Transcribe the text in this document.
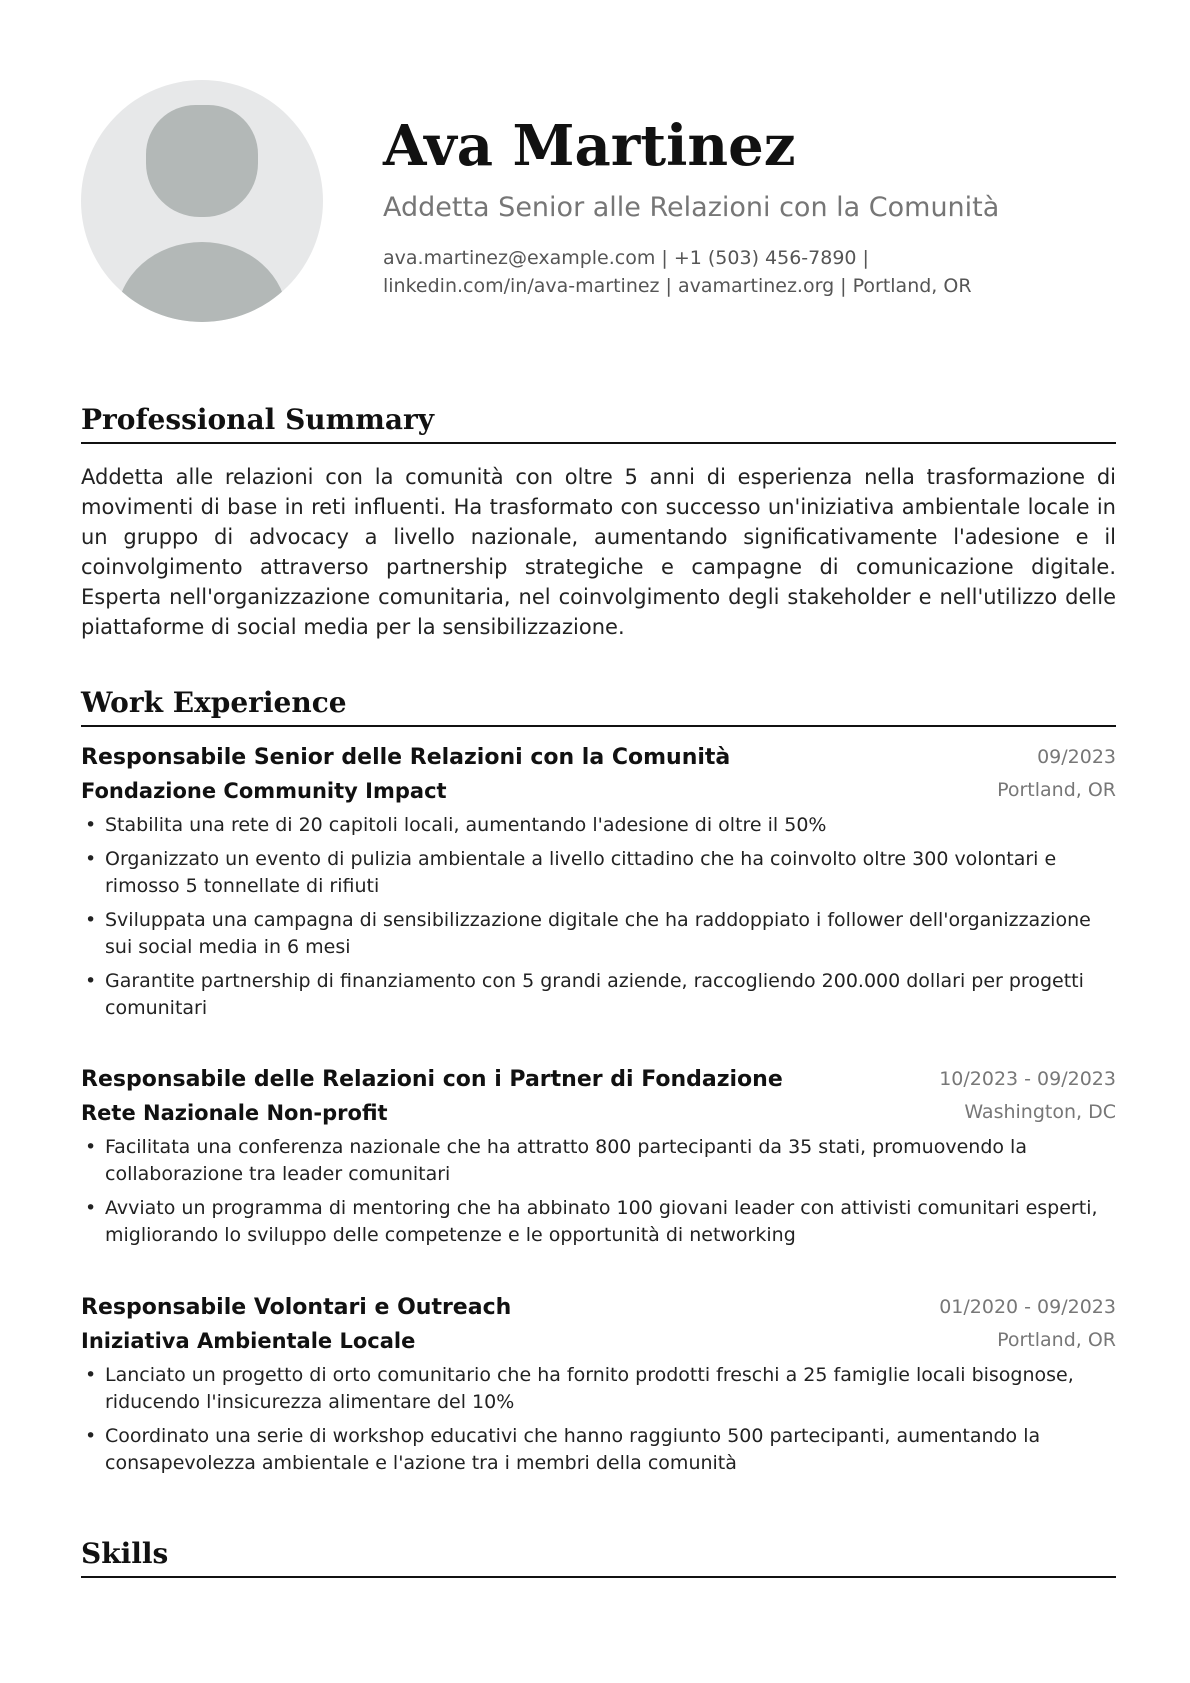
Ava Martinez
Addetta Senior alle Relazioni con la Comunità
ava.martinez@example.com | +1 (503) 456-7890 |
linkedin.com/in/ava-martinez | avamartinez.org | Portland, OR
Professional Summary

Addetta alle relazioni con la comunità con oltre 5 anni di esperienza nella trasformazione di movimenti di base in reti influenti. Ha trasformato con successo un'iniziativa ambientale locale in un gruppo di advocacy a livello nazionale, aumentando significativamente l'adesione e il coinvolgimento attraverso partnership strategiche e campagne di comunicazione digitale. Esperta nell'organizzazione comunitaria, nel coinvolgimento degli stakeholder e nell'utilizzo delle piattaforme di social media per la sensibilizzazione.

Work Experience
Responsabile Senior delle Relazioni con la Comunità	09/2023
Fondazione Community Impact	Portland, OR
• Stabilita una rete di 20 capitoli locali, aumentando l'adesione di oltre il 50%
• Organizzato un evento di pulizia ambientale a livello cittadino che ha coinvolto oltre 300 volontari e rimosso 5 tonnellate di rifiuti
• Sviluppata una campagna di sensibilizzazione digitale che ha raddoppiato i follower dell'organizzazione sui social media in 6 mesi
• Garantite partnership di finanziamento con 5 grandi aziende, raccogliendo 200.000 dollari per progetti comunitari
Responsabile delle Relazioni con i Partner di Fondazione	10/2023 - 09/2023
Rete Nazionale Non-profit	Washington, DC
• Facilitata una conferenza nazionale che ha attratto 800 partecipanti da 35 stati, promuovendo la collaborazione tra leader comunitari
• Avviato un programma di mentoring che ha abbinato 100 giovani leader con attivisti comunitari esperti, migliorando lo sviluppo delle competenze e le opportunità di networking
Responsabile Volontari e Outreach	01/2020 - 09/2023
Iniziativa Ambientale Locale	Portland, OR
• Lanciato un progetto di orto comunitario che ha fornito prodotti freschi a 25 famiglie locali bisognose, riducendo l'insicurezza alimentare del 10%
• Coordinato una serie di workshop educativi che hanno raggiunto 500 partecipanti, aumentando la consapevolezza ambientale e l'azione tra i membri della comunità
Skills
